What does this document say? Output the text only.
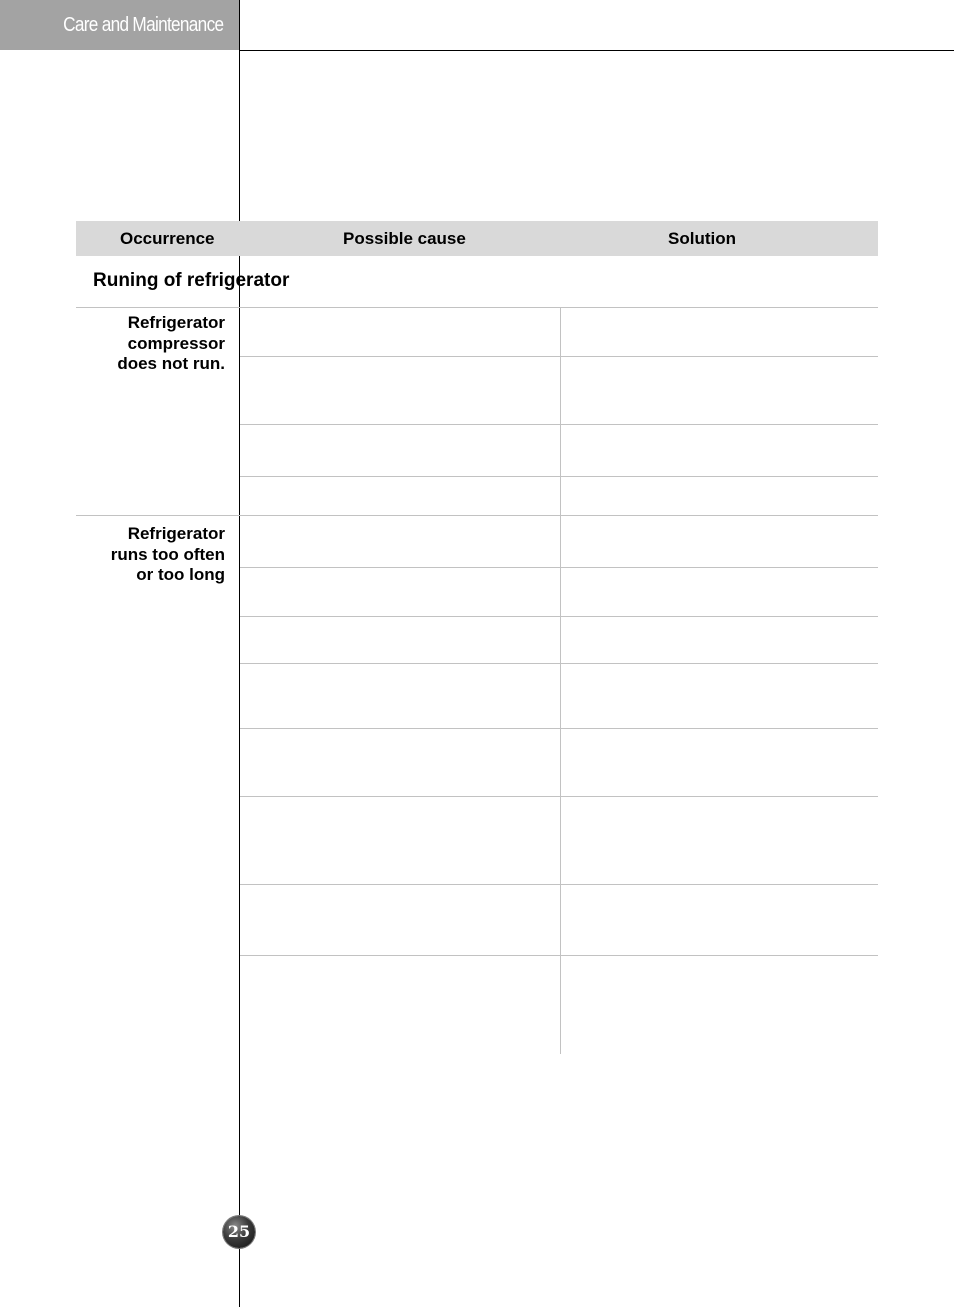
Care and Maintenance
Occurrence	Possible cause	Solution
Runing of refrigerator
Refrigerator
compressor
does not run.
Refrigerator
runs too often
or too long
25
